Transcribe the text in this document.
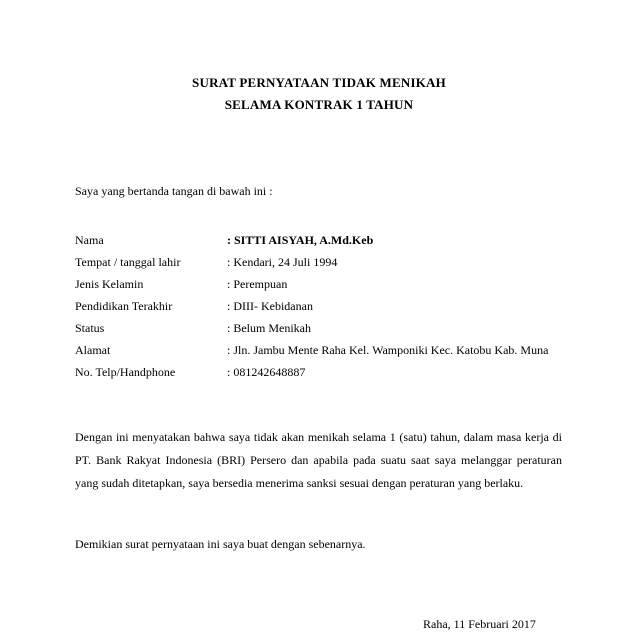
SURAT PERNYATAAN TIDAK MENIKAH
SELAMA KONTRAK 1 TAHUN
Saya yang bertanda tangan di bawah ini :
Nama	: SITTI AISYAH, A.Md.Keb
Tempat / tanggal lahir	: Kendari, 24 Juli 1994
Jenis Kelamin	: Perempuan
Pendidikan Terakhir	: DIII- Kebidanan
Status	: Belum Menikah
Alamat	: Jln. Jambu Mente Raha Kel. Wamponiki Kec. Katobu Kab. Muna
No. Telp/Handphone	: 081242648887

Dengan ini menyatakan bahwa saya tidak akan menikah selama 1 (satu) tahun, dalam masa kerja di PT. Bank Rakyat Indonesia (BRI) Persero dan apabila pada suatu saat saya melanggar peraturan yang sudah ditetapkan, saya bersedia menerima sanksi sesuai dengan peraturan yang berlaku.

Demikian surat pernyataan ini saya buat dengan sebenarnya.

Raha, 11 Februari 2017
